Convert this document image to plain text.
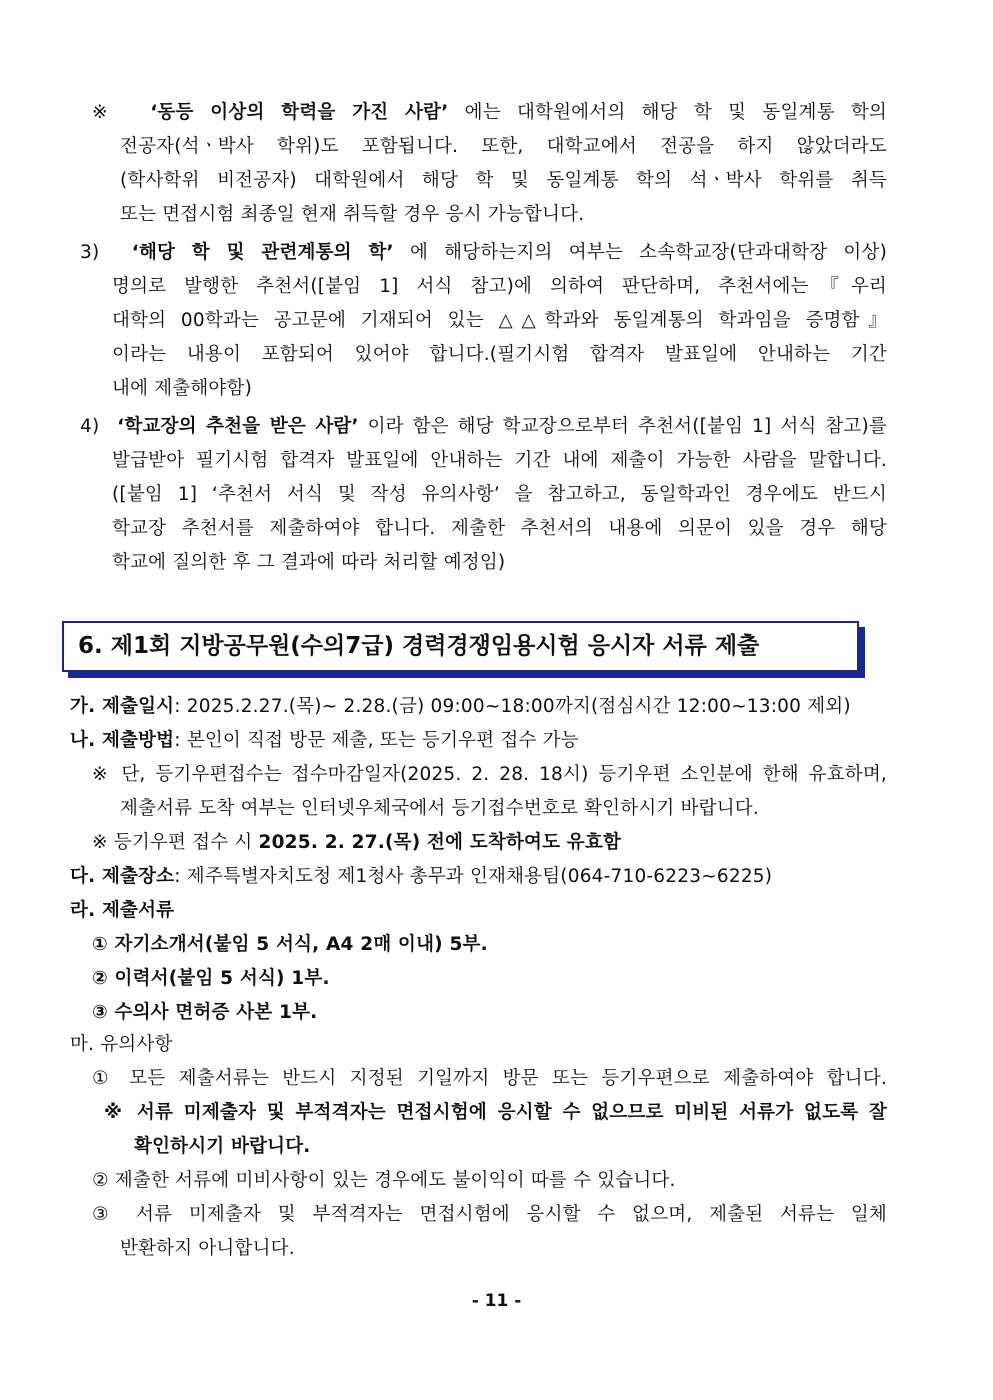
※ ‘동등 이상의 학력을 가진 사람’ 에는 대학원에서의 해당 학 및 동일계통 학의
전공자(석ㆍ박사 학위)도 포함됩니다. 또한, 대학교에서 전공을 하지 않았더라도
(학사학위 비전공자) 대학원에서 해당 학 및 동일계통 학의 석ㆍ박사 학위를 취득
또는 면접시험 최종일 현재 취득할 경우 응시 가능합니다.
3) ‘해당 학 및 관련계통의 학’ 에 해당하는지의 여부는 소속학교장(단과대학장 이상)
명의로 발행한 추천서([붙임 1] 서식 참고)에 의하여 판단하며, 추천서에는『우리
대학의 00학과는 공고문에 기재되어 있는 △△학과와 동일계통의 학과임을 증명함』
이라는 내용이 포함되어 있어야 합니다.(필기시험 합격자 발표일에 안내하는 기간
내에 제출해야함)
4) ‘학교장의 추천을 받은 사람’ 이라 함은 해당 학교장으로부터 추천서([붙임 1] 서식 참고)를
발급받아 필기시험 합격자 발표일에 안내하는 기간 내에 제출이 가능한 사람을 말합니다.
([붙임 1] ‘추천서 서식 및 작성 유의사항’ 을 참고하고, 동일학과인 경우에도 반드시
학교장 추천서를 제출하여야 합니다. 제출한 추천서의 내용에 의문이 있을 경우 해당
학교에 질의한 후 그 결과에 따라 처리할 예정임)
6. 제1회 지방공무원(수의7급) 경력경쟁임용시험 응시자 서류 제출
가. 제출일시: 2025.2.27.(목)~ 2.28.(금) 09:00~18:00까지(점심시간 12:00~13:00 제외)
나. 제출방법: 본인이 직접 방문 제출, 또는 등기우편 접수 가능
※ 단, 등기우편접수는 접수마감일자(2025. 2. 28. 18시) 등기우편 소인분에 한해 유효하며,
제출서류 도착 여부는 인터넷우체국에서 등기접수번호로 확인하시기 바랍니다.
※ 등기우편 접수 시 2025. 2. 27.(목) 전에 도착하여도 유효함
다. 제출장소: 제주특별자치도청 제1청사 총무과 인재채용팀(064-710-6223~6225)
라. 제출서류
① 자기소개서(붙임 5 서식, A4 2매 이내) 5부.
② 이력서(붙임 5 서식) 1부.
③ 수의사 면허증 사본 1부.
마. 유의사항
① 모든 제출서류는 반드시 지정된 기일까지 방문 또는 등기우편으로 제출하여야 합니다.
※ 서류 미제출자 및 부적격자는 면접시험에 응시할 수 없으므로 미비된 서류가 없도록 잘
확인하시기 바랍니다.
② 제출한 서류에 미비사항이 있는 경우에도 불이익이 따를 수 있습니다.
③ 서류 미제출자 및 부적격자는 면접시험에 응시할 수 없으며, 제출된 서류는 일체
반환하지 아니합니다.
- 11 -
